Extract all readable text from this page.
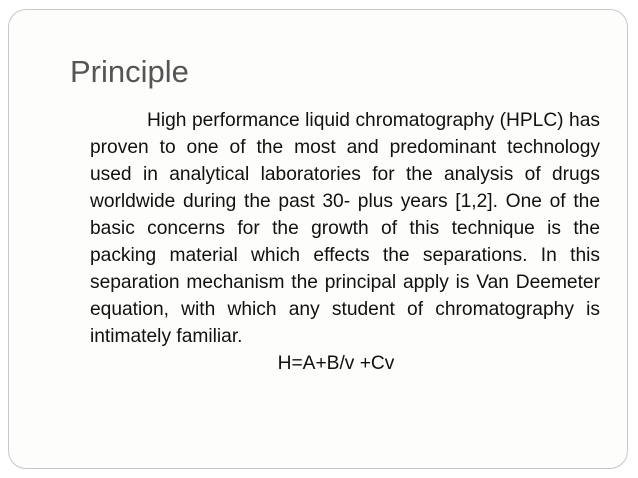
Principle

High performance liquid chromatography (HPLC) has proven to one of the most and predominant technology used in analytical laboratories for the analysis of drugs worldwide during the past 30- plus years [1,2]. One of the basic concerns for the growth of this technique is the packing material which effects the separations. In this separation mechanism the principal apply is Van Deemeter equation, with which any student of chromatography is intimately familiar.

H=A+B/v +Cv
